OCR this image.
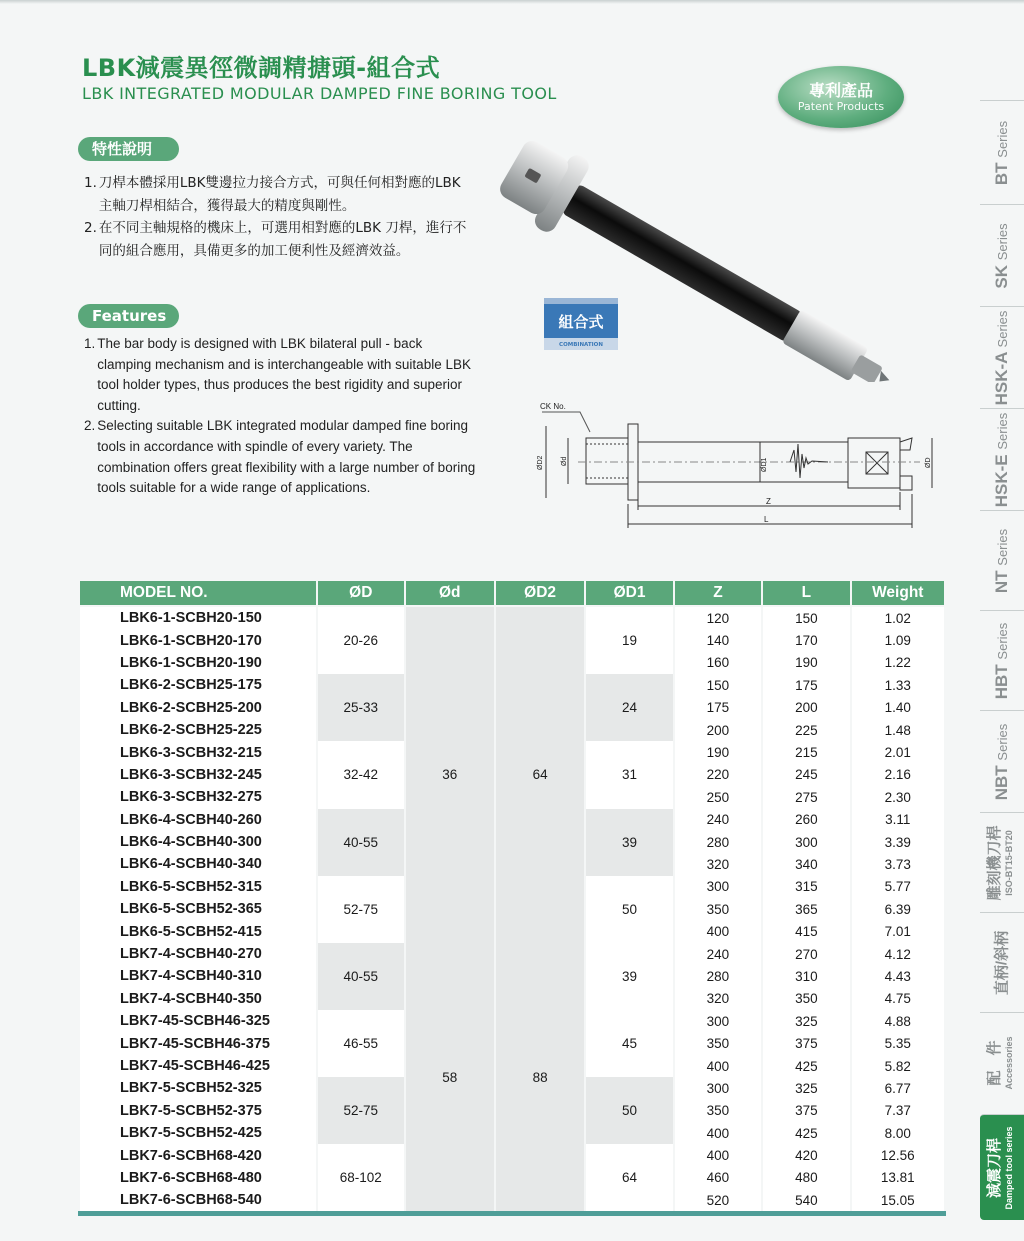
LBK減震異徑微調精搪頭-組合式
LBK INTEGRATED MODULAR DAMPED FINE BORING TOOL	專利產品
Patent Products
特性說明
1. 刀桿本體採用LBK雙邊拉力接合方式，可與任何相對應的LBK主軸刀桿相結合，獲得最大的精度與剛性。
2. 在不同主軸規格的機床上，可選用相對應的LBK 刀桿，進行不同的組合應用，具備更多的加工便利性及經濟效益。
Features
1. The bar body is designed with LBK bilateral pull - back clamping mechanism and is interchangeable with suitable LBK tool holder types, thus produces the best rigidity and superior cutting.
2. Selecting suitable LBK integrated modular damped fine boring tools in accordance with spindle of every variety. The combination offers great flexibility with a large number of boring tools suitable for a wide range of applications.
組合式
COMBINATION
CK No.
ØD2 Ød	ØD1	ØD
Z
L
BT Series
SK Series
HSK-A Series
HSK-E Series
NT Series
HBT Series
NBT Series
雕刻機刀桿 ISO-BT15-BT20
直柄/斜柄
配　件 Accessories
減震刀桿 Damped tool series
MODEL NO.	ØD	Ød	ØD2	ØD1	Z	L	Weight
LBK6-1-SCBH20-150	20-26	36	64	19	120	150	1.02
LBK6-1-SCBH20-170					140	170	1.09
LBK6-1-SCBH20-190					160	190	1.22
LBK6-2-SCBH25-175	25-33			24	150	175	1.33
LBK6-2-SCBH25-200					175	200	1.40
LBK6-2-SCBH25-225					200	225	1.48
LBK6-3-SCBH32-215	32-42			31	190	215	2.01
LBK6-3-SCBH32-245					220	245	2.16
LBK6-3-SCBH32-275					250	275	2.30
LBK6-4-SCBH40-260	40-55			39	240	260	3.11
LBK6-4-SCBH40-300					280	300	3.39
LBK6-4-SCBH40-340					320	340	3.73
LBK6-5-SCBH52-315	52-75			50	300	315	5.77
LBK6-5-SCBH52-365					350	365	6.39
LBK6-5-SCBH52-415					400	415	7.01
LBK7-4-SCBH40-270	40-55	58	88	39	240	270	4.12
LBK7-4-SCBH40-310					280	310	4.43
LBK7-4-SCBH40-350					320	350	4.75
LBK7-45-SCBH46-325	46-55			45	300	325	4.88
LBK7-45-SCBH46-375					350	375	5.35
LBK7-45-SCBH46-425					400	425	5.82
LBK7-5-SCBH52-325	52-75			50	300	325	6.77
LBK7-5-SCBH52-375					350	375	7.37
LBK7-5-SCBH52-425					400	425	8.00
LBK7-6-SCBH68-420	68-102			64	400	420	12.56
LBK7-6-SCBH68-480					460	480	13.81
LBK7-6-SCBH68-540					520	540	15.05
